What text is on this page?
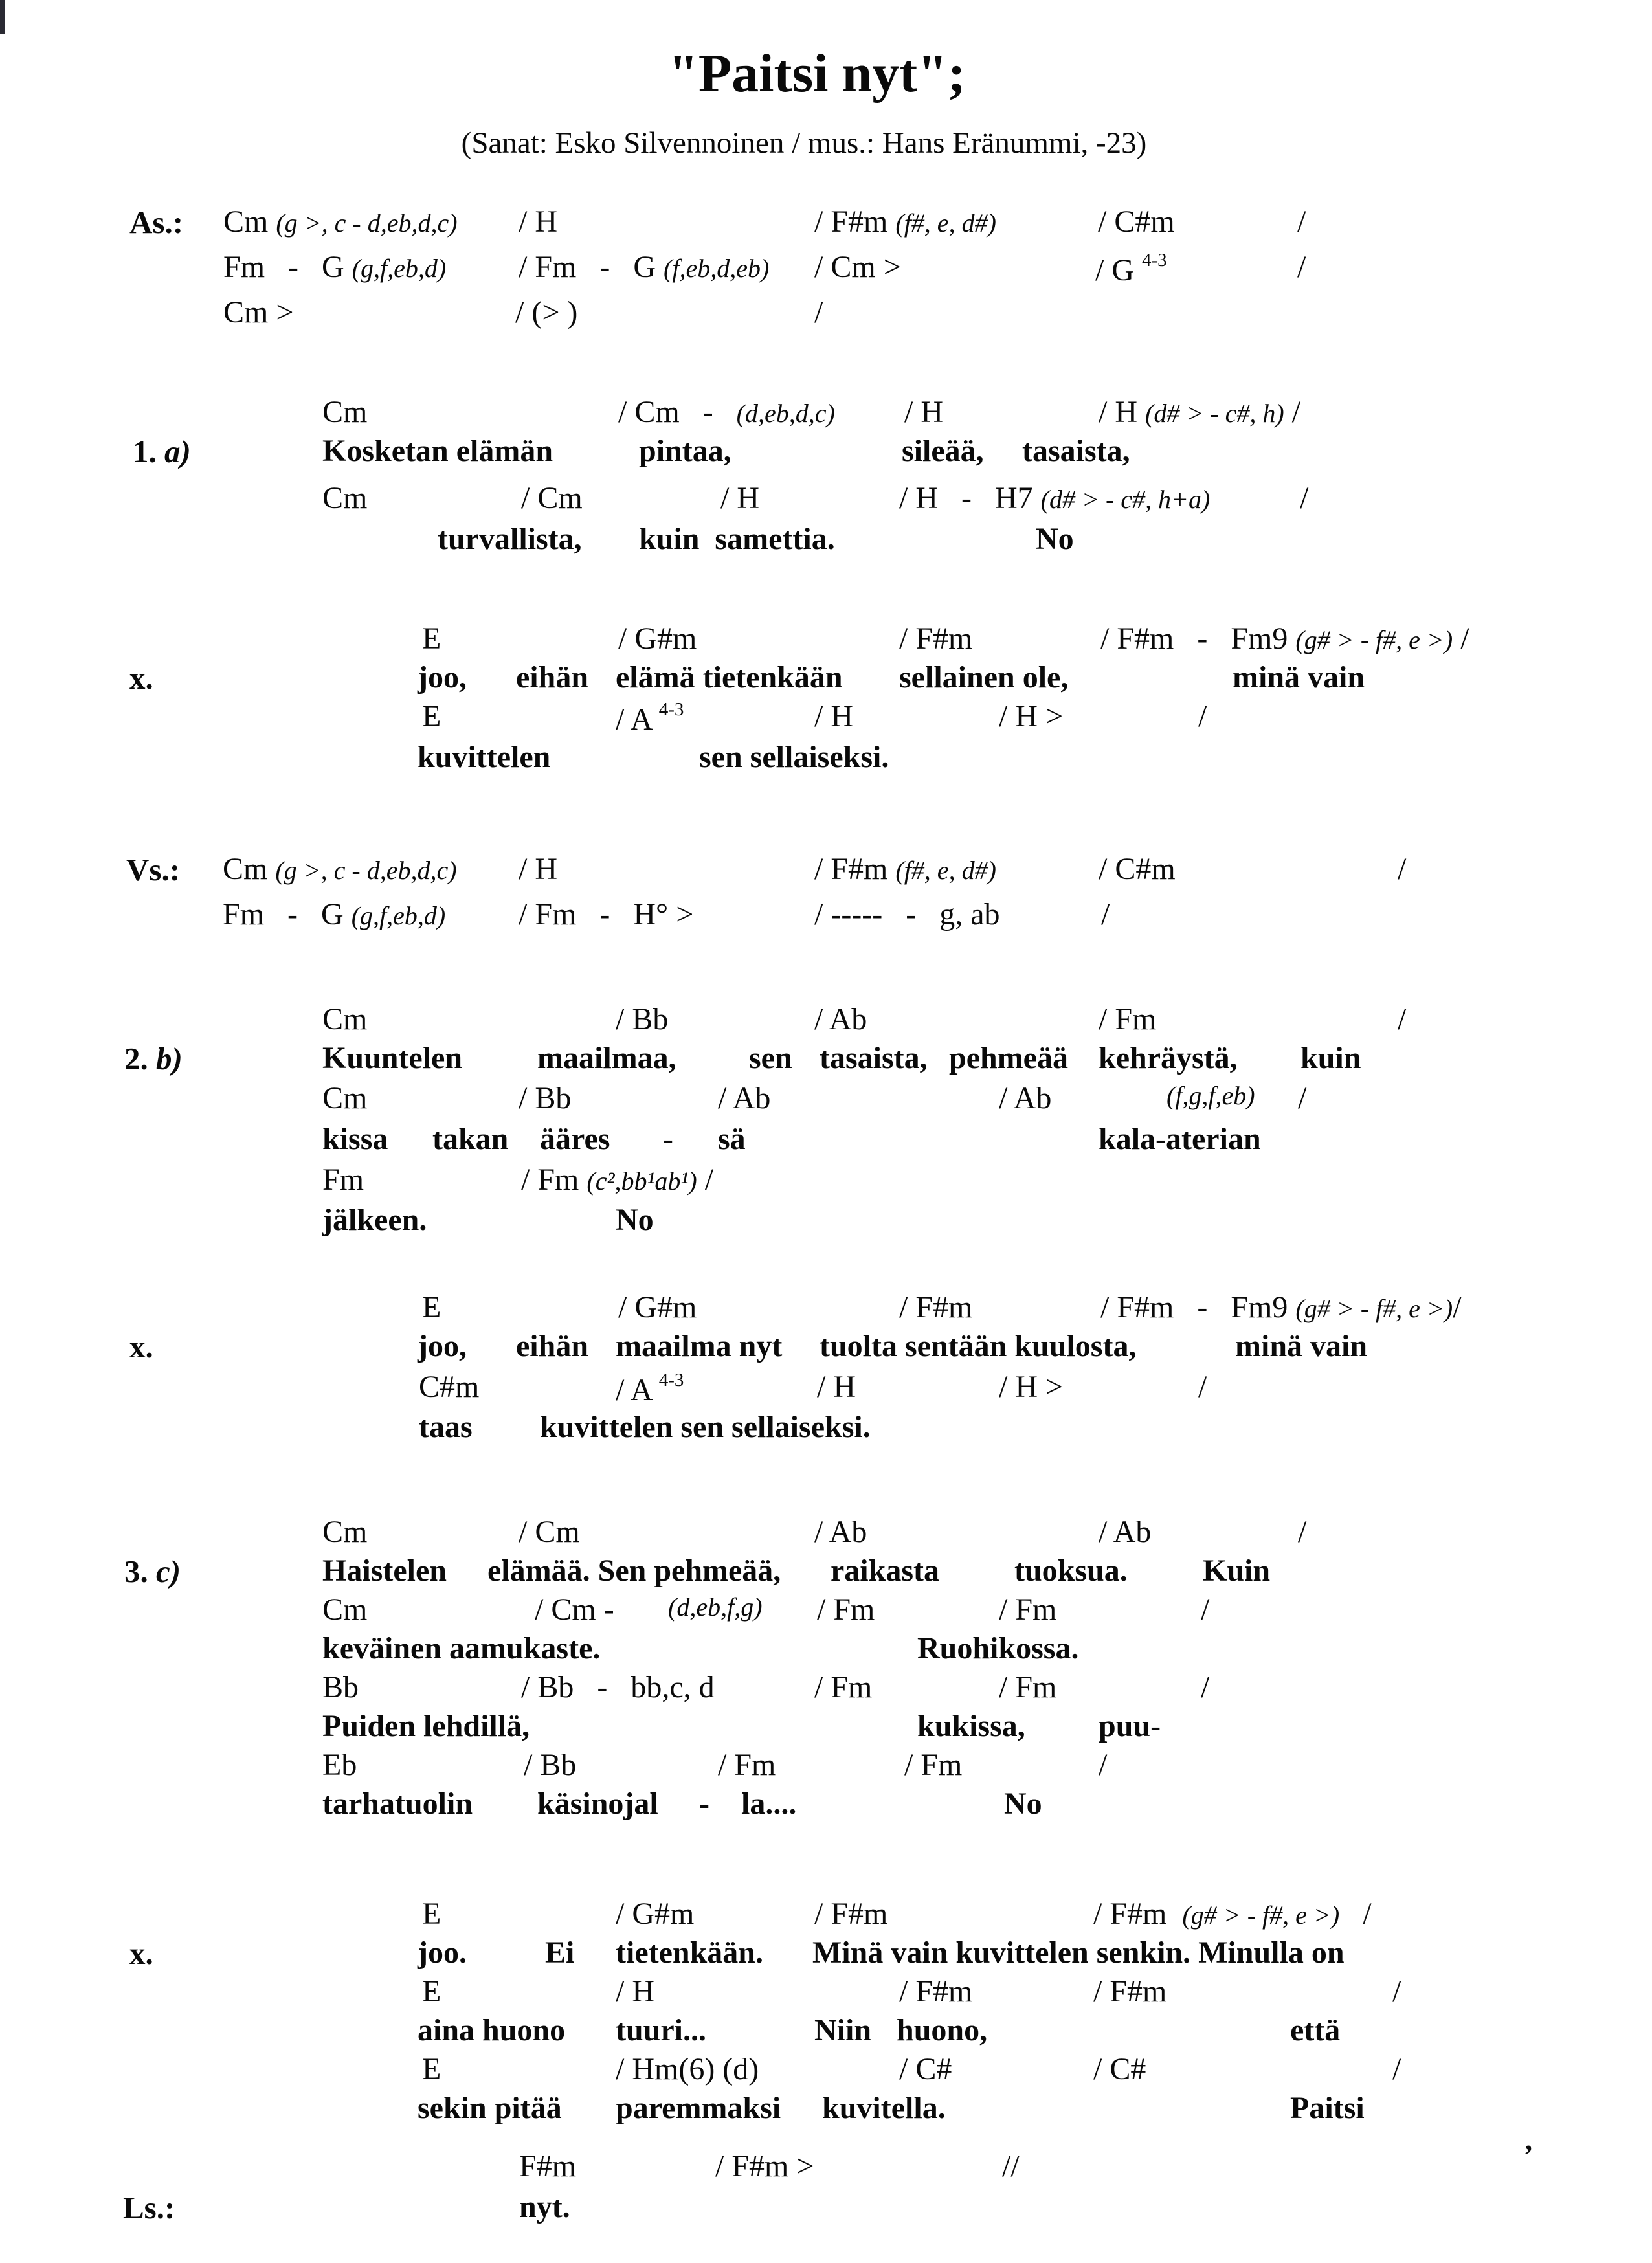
"Paitsi nyt";
(Sanat: Esko Silvennoinen / mus.: Hans Eränummi, -23)
As.: Cm (g >, c - d,eb,d,c) / H	/ F#m (f#, e, d#)	/ C#m	/
Fm   -   G (g,f,eb,d) / Fm   -   G (f,eb,d,eb) / Cm >	/ G 4-3	/
Cm >	/ (> )	/
1. a)
Cm	/ Cm   -   (d,eb,d,c) / H	/ H (d# > - c#, h) /
Kosketan elämän	pintaa,	sileää, tasaista,
Cm	/ Cm	/ H	/ H   -   H7 (d# > - c#, h+a)	/
turvallista, kuin  samettia.	No
x.
E	/ G#m	/ F#m	/ F#m   -   Fm9 (g# > - f#, e >) /
joo, eihän elämä tietenkään sellainen ole,	minä vain
E	/ A 4-3	/ H	/ H >	/
kuvittelen	sen sellaiseksi.
Vs.: Cm (g >, c - d,eb,d,c) / H	/ F#m (f#, e, d#)	/ C#m	/
Fm   -   G (g,f,eb,d) / Fm   -   H° >	/ -----   -   g, ab	/
2. b)
Cm	/ Bb	/ Ab	/ Fm	/
Kuuntelen maailmaa, sen tasaista, pehmeää kehräystä, kuin
Cm	/ Bb	/ Ab	/ Ab	(f,g,f,eb) /
kissa takan ääres - sä	kala-aterian
Fm	/ Fm (c²,bb¹ab¹) /
jälkeen.	No
x.
E	/ G#m	/ F#m	/ F#m   -   Fm9 (g# > - f#, e >)/
joo, eihän maailma nyt tuolta sentään kuulosta,	minä vain
C#m	/ A 4-3	/ H	/ H >	/
taas kuvittelen sen sellaiseksi.
3. c)
Cm	/ Cm	/ Ab	/ Ab	/
Haistelen elämää. Sen pehmeää, raikasta tuoksua. Kuin
Cm	/ Cm - (d,eb,f,g) / Fm	/ Fm	/
keväinen aamukaste.	Ruohikossa.
Bb	/ Bb   -   bb,c, d	/ Fm	/ Fm	/
Puiden lehdillä,	kukissa, puu-
Eb	/ Bb	/ Fm	/ Fm	/
tarhatuolin käsinojal - la....	No
x.
E	/ G#m	/ F#m	/ F#m  (g# > - f#, e >)   /
joo.	Ei tietenkään. Minä vain kuvittelen senkin. Minulla on
E	/ H	/ F#m	/ F#m	/
aina huono tuuri...	Niin huono,	että
E	/ Hm(6) (d)	/ C#	/ C#	/
sekin pitää paremmaksi kuvitella.	Paitsi
Ls.:
F#m	/ F#m >	//
nyt.
,
